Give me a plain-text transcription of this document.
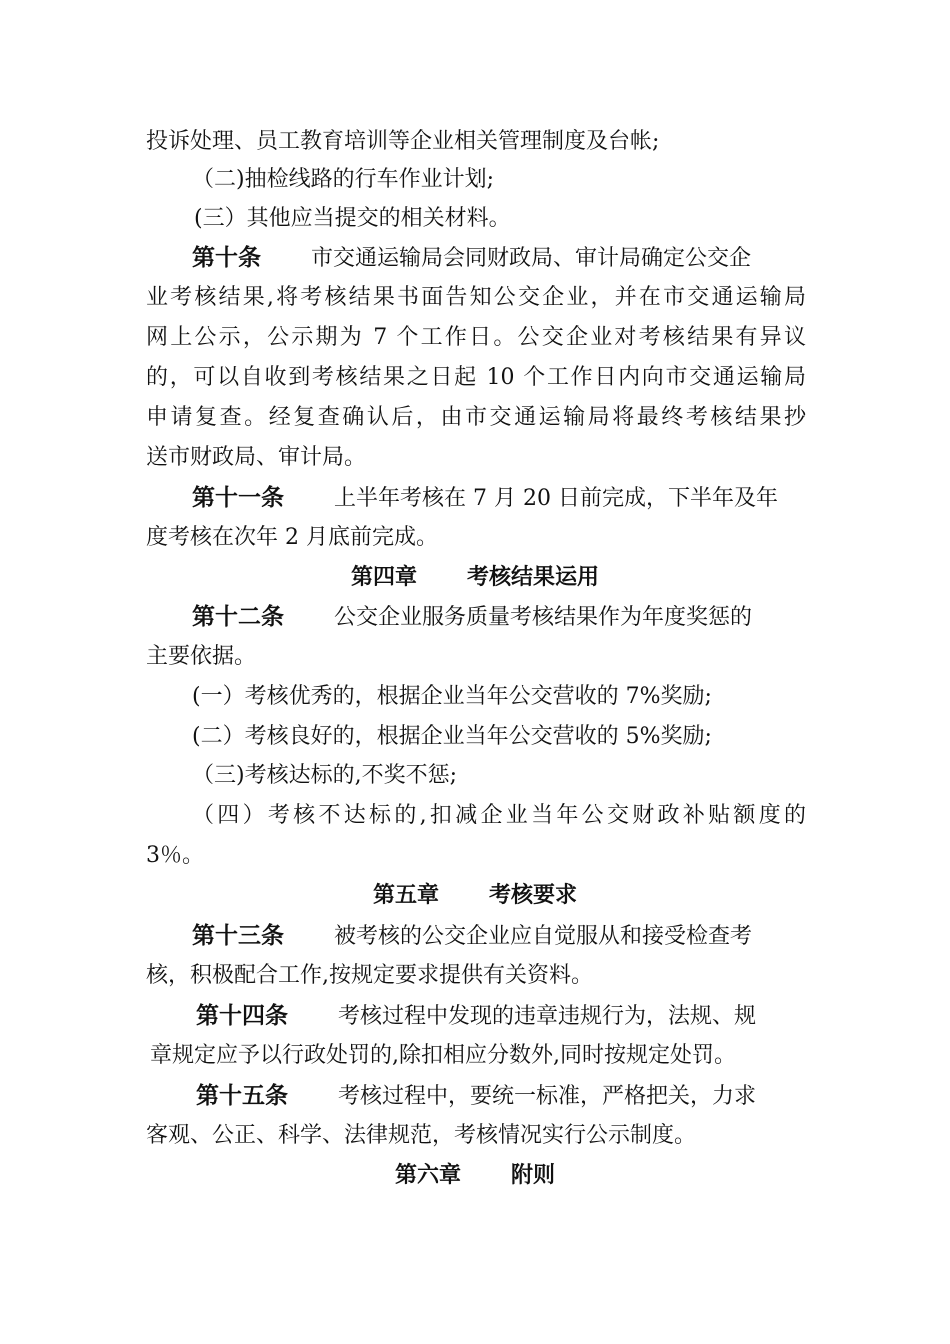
投诉处理、员工教育培训等企业相关管理制度及台帐;
（二)抽检线路的行车作业计划;
(三）其他应当提交的相关材料。
第十条 市交通运输局会同财政局、审计局确定公交企
业考核结果,将考核结果书面告知公交企业，并在市交通运输局
网上公示，公示期为 7 个工作日。公交企业对考核结果有异议
的，可以自收到考核结果之日起 10 个工作日内向市交通运输局
申请复查。经复查确认后，由市交通运输局将最终考核结果抄
送市财政局、审计局。
第十一条 上半年考核在 7 月 20 日前完成，下半年及年
度考核在次年 2 月底前完成。
第四章 考核结果运用
第十二条 公交企业服务质量考核结果作为年度奖惩的
主要依据。
(一）考核优秀的，根据企业当年公交营收的 7%奖励;
(二）考核良好的，根据企业当年公交营收的 5%奖励;
（三)考核达标的,不奖不惩;
（四）考核不达标的,扣减企业当年公交财政补贴额度的
3％。
第五章 考核要求
第十三条 被考核的公交企业应自觉服从和接受检查考
核，积极配合工作,按规定要求提供有关资料。
第十四条 考核过程中发现的违章违规行为，法规、规
章规定应予以行政处罚的,除扣相应分数外,同时按规定处罚。
第十五条 考核过程中，要统一标准，严格把关，力求
客观、公正、科学、法律规范，考核情况实行公示制度。
第六章 附则
